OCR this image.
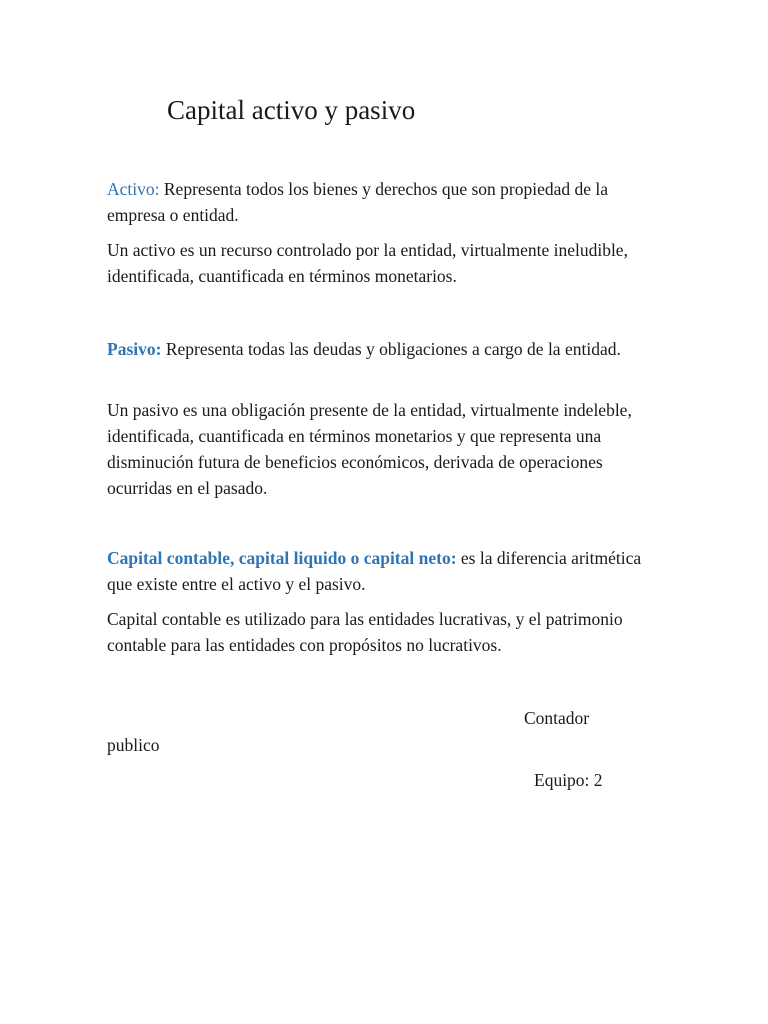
Capital activo y pasivo

Activo: Representa todos los bienes y derechos que son propiedad de la empresa o entidad.

Un activo es un recurso controlado por la entidad, virtualmente ineludible, identificada, cuantificada en términos monetarios.

Pasivo: Representa todas las deudas y obligaciones a cargo de la entidad.

Un pasivo es una obligación presente de la entidad, virtualmente indeleble, identificada, cuantificada en términos monetarios y que representa una disminución futura de beneficios económicos, derivada de operaciones ocurridas en el pasado.

Capital contable, capital liquido o capital neto: es la diferencia aritmética que existe entre el activo y el pasivo.

Capital contable es utilizado para las entidades lucrativas, y el patrimonio contable para las entidades con propósitos no lucrativos.

Contador

publico

Equipo: 2
